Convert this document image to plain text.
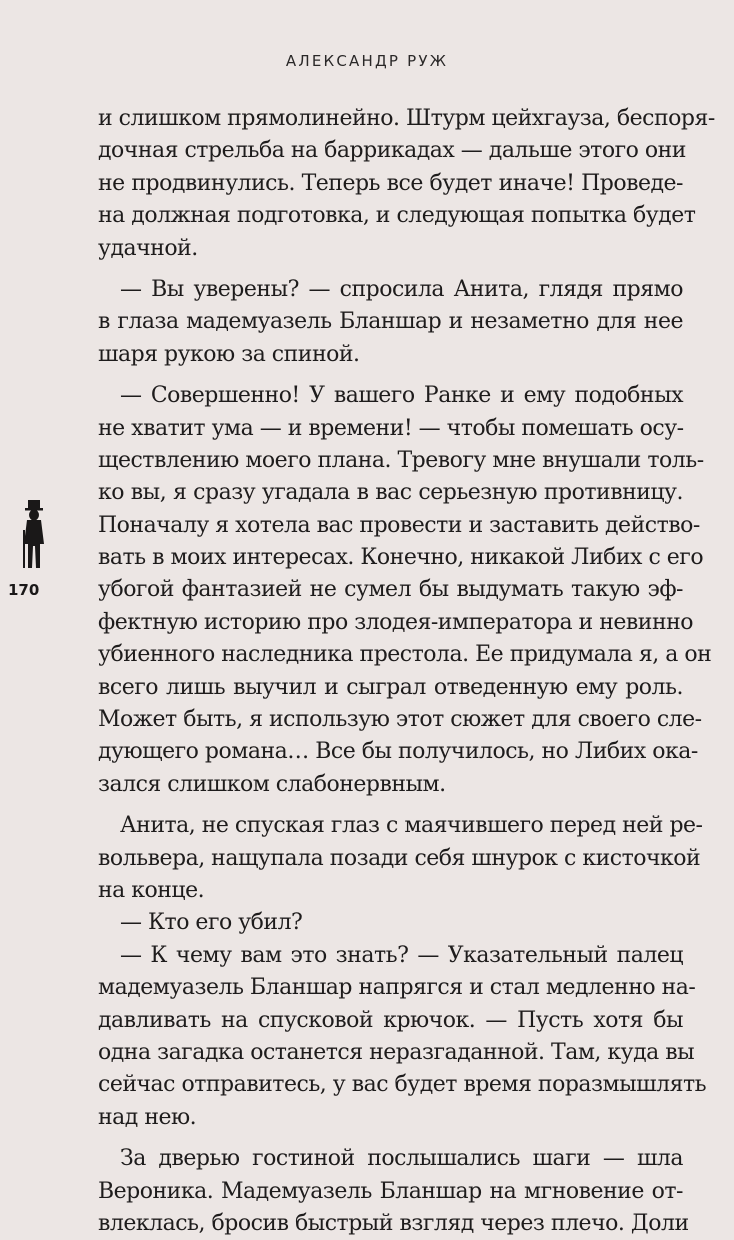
АЛЕКСАНДР РУЖ
170
и слишком прямолинейно. Штурм цейхгауза, беспоря-
дочная стрельба на баррикадах — дальше этого они
не продвинулись. Теперь все будет иначе! Проведе-
на должная подготовка, и следующая попытка будет
удачной.
— Вы уверены? — спросила Анита, глядя прямо
в глаза мадемуазель Бланшар и незаметно для нее
шаря рукою за спиной.
— Совершенно! У вашего Ранке и ему подобных
не хватит ума — и времени! — чтобы помешать осу-
ществлению моего плана. Тревогу мне внушали толь-
ко вы, я сразу угадала в вас серьезную противницу.
Поначалу я хотела вас провести и заставить действо-
вать в моих интересах. Конечно, никакой Либих с его
убогой фантазией не сумел бы выдумать такую эф-
фектную историю про злодея-императора и невинно
убиенного наследника престола. Ее придумала я, а он
всего лишь выучил и сыграл отведенную ему роль.
Может быть, я использую этот сюжет для своего сле-
дующего романа… Все бы получилось, но Либих ока-
зался слишком слабонервным.
Анита, не спуская глаз с маячившего перед ней ре-
вольвера, нащупала позади себя шнурок с кисточкой
на конце.
— Кто его убил?
— К чему вам это знать? — Указательный палец
мадемуазель Бланшар напрягся и стал медленно на-
давливать на спусковой крючок. — Пусть хотя бы
одна загадка останется неразгаданной. Там, куда вы
сейчас отправитесь, у вас будет время поразмышлять
над нею.
За дверью гостиной послышались шаги — шла
Вероника. Мадемуазель Бланшар на мгновение от-
влеклась, бросив быстрый взгляд через плечо. Доли
